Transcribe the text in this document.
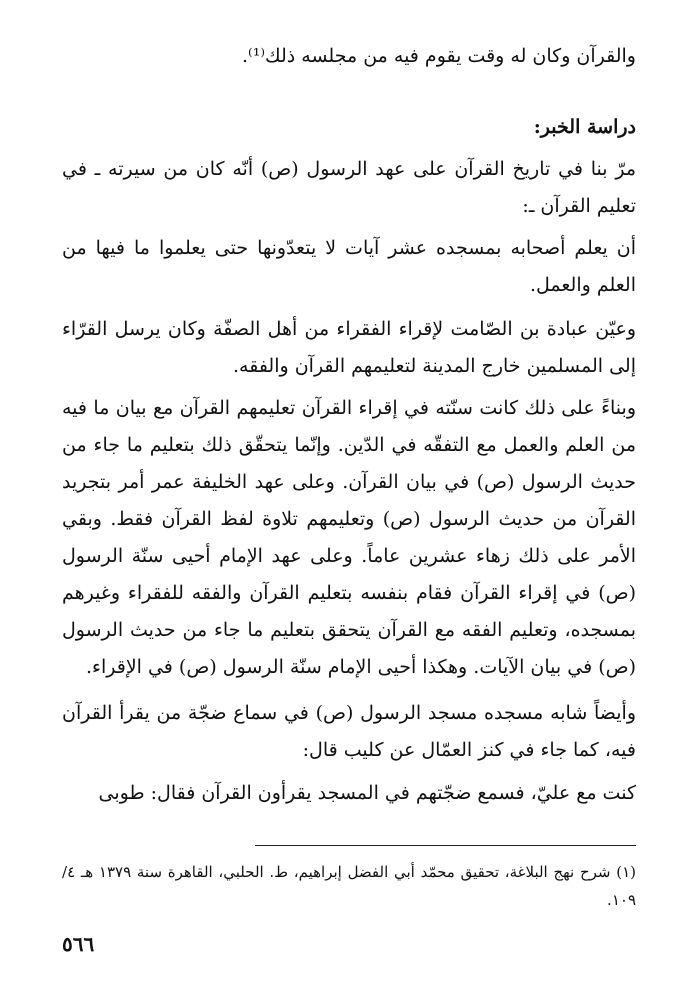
والقرآن وكان له وقت يقوم فيه من مجلسه ذلك⁽¹⁾.
دراسة الخبر:
مرّ بنا في تاريخ القرآن على عهد الرسول (ص) أنّه كان من سيرته ـ في تعليم القرآن ـ:
أن يعلم أصحابه بمسجده عشر آيات لا يتعدّونها حتى يعلموا ما فيها من العلم والعمل.
وعيّن عبادة بن الصّامت لإقراء الفقراء من أهل الصفّة وكان يرسل القرّاء إلى المسلمين خارج المدينة لتعليمهم القرآن والفقه.
وبناءً على ذلك كانت سنّته في إقراء القرآن تعليمهم القرآن مع بيان ما فيه من العلم والعمل مع التفقّه في الدّين. وإنّما يتحقّق ذلك بتعليم ما جاء من حديث الرسول (ص) في بيان القرآن. وعلى عهد الخليفة عمر أمر بتجريد القرآن من حديث الرسول (ص) وتعليمهم تلاوة لفظ القرآن فقط. وبقي الأمر على ذلك زهاء عشرين عاماً. وعلى عهد الإمام أحيى سنّة الرسول (ص) في إقراء القرآن فقام بنفسه بتعليم القرآن والفقه للفقراء وغيرهم بمسجده، وتعليم الفقه مع القرآن يتحقق بتعليم ما جاء من حديث الرسول (ص) في بيان الآيات. وهكذا أحيى الإمام سنّة الرسول (ص) في الإقراء.
وأيضاً شابه مسجده مسجد الرسول (ص) في سماع ضجّة من يقرأ القرآن فيه، كما جاء في كنز العمّال عن كليب قال:
كنت مع عليّ، فسمع ضجّتهم في المسجد يقرأون القرآن فقال: طوبى
(١) شرح نهج البلاغة، تحقيق محمّد أبي الفضل إبراهيم، ط. الحلبي، القاهرة سنة ١٣٧٩ هـ ٤/ ١٠٩.
٥٦٦
